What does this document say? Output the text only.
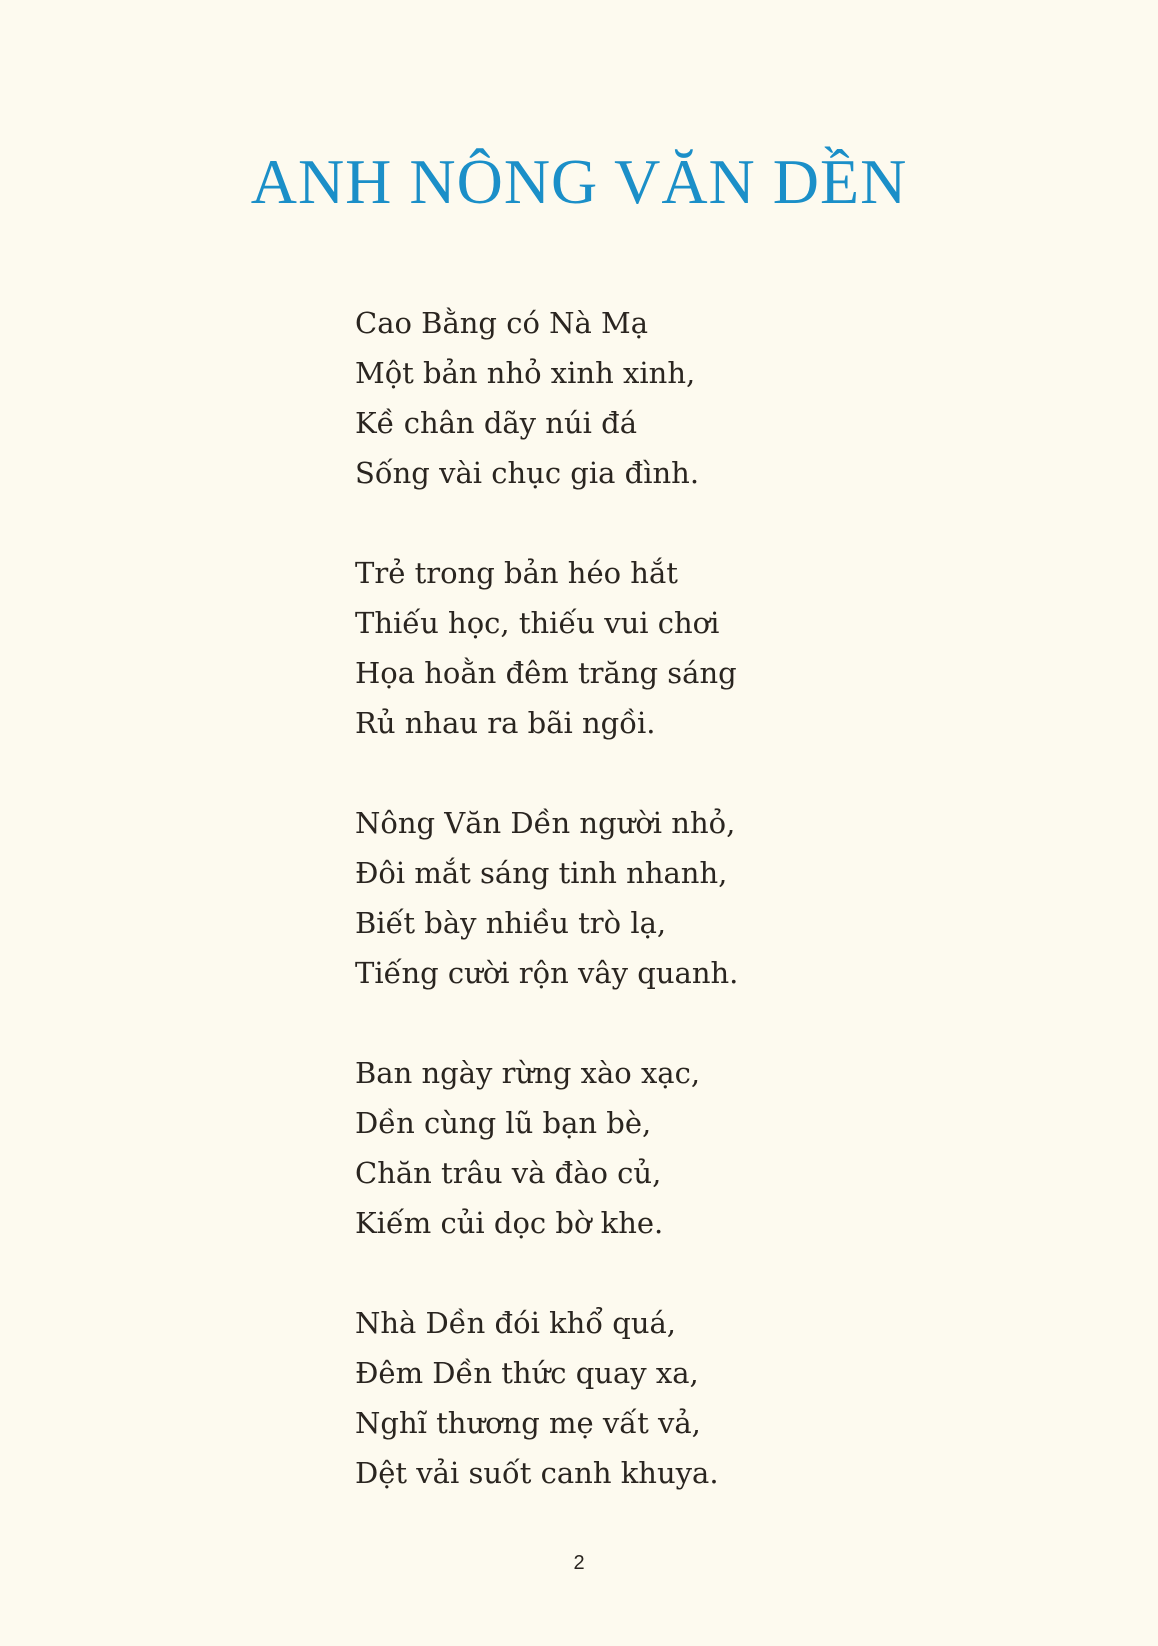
ANH NÔNG VĂN DỀN
Cao Bằng có Nà Mạ
Một bản nhỏ xinh xinh,
Kề chân dãy núi đá
Sống vài chục gia đình.
Trẻ trong bản héo hắt
Thiếu học, thiếu vui chơi
Họa hoằn đêm trăng sáng
Rủ nhau ra bãi ngồi.
Nông Văn Dền người nhỏ,
Đôi mắt sáng tinh nhanh,
Biết bày nhiều trò lạ,
Tiếng cười rộn vây quanh.
Ban ngày rừng xào xạc,
Dền cùng lũ bạn bè,
Chăn trâu và đào củ,
Kiếm củi dọc bờ khe.
Nhà Dền đói khổ quá,
Đêm Dền thức quay xa,
Nghĩ thương mẹ vất vả,
Dệt vải suốt canh khuya.
2
